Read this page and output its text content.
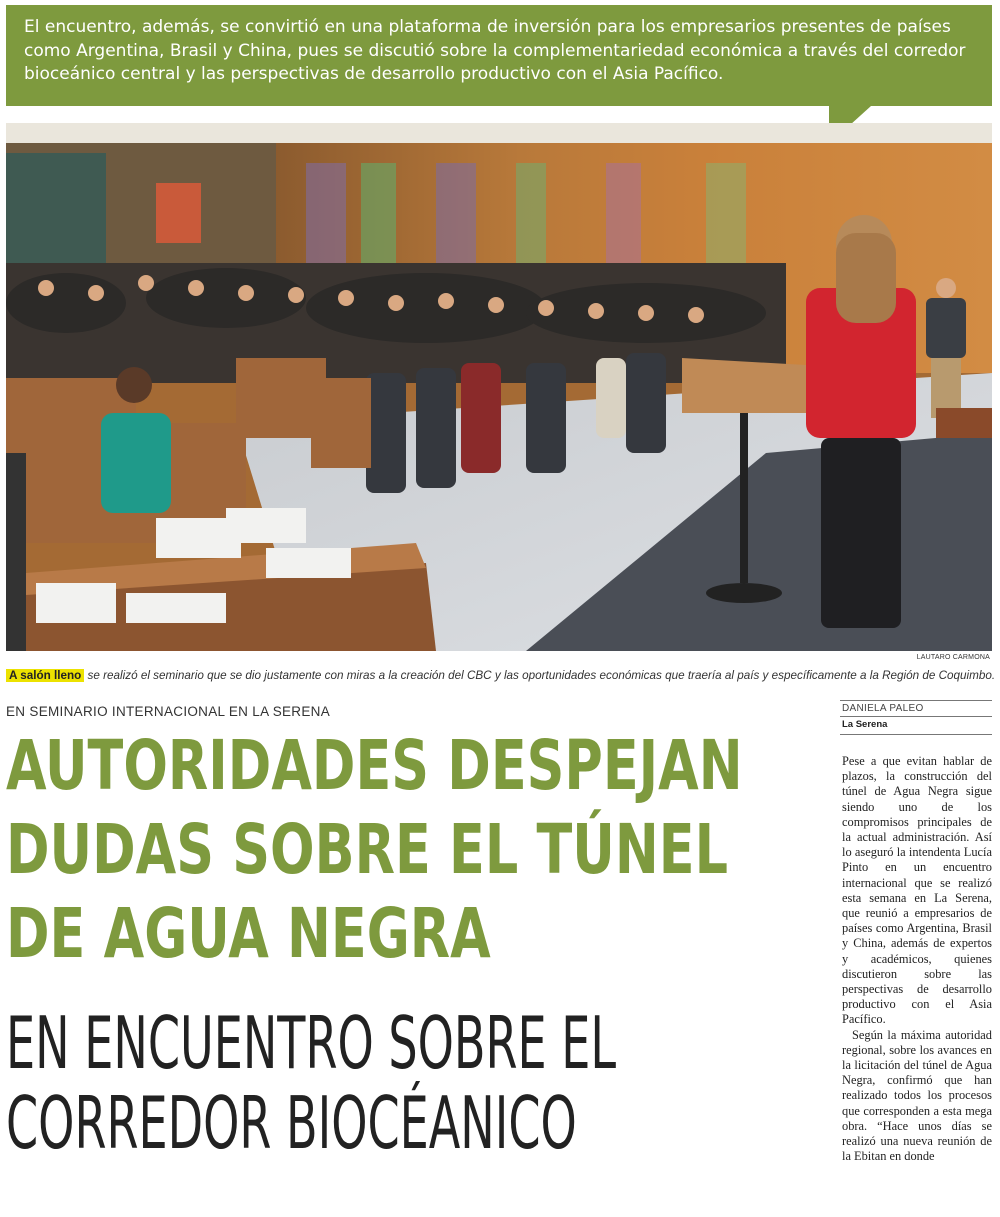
El encuentro, además, se convirtió en una plataforma de inversión para los empresarios presentes de países como Argentina, Brasil y China, pues se discutió sobre la complementariedad económica a través del corredor bioceánico central y las perspectivas de desarrollo productivo con el Asia Pacífico.
LAUTARO CARMONA
A salón lleno se realizó el seminario que se dio justamente con miras a la creación del CBC y las oportunidades económicas que traería al país y específicamente a la Región de Coquimbo.
EN SEMINARIO INTERNACIONAL EN LA SERENA
AUTORIDADES DESPEJAN
DUDAS SOBRE EL TÚNEL
DE AGUA NEGRA
EN ENCUENTRO SOBRE EL
CORREDOR BIOCÉANICO
DANIELA PALEO
La Serena

Pese a que evitan hablar de plazos, la construcción del túnel de Agua Negra sigue siendo uno de los compromisos principales de la actual administración. Así lo aseguró la intendenta Lucía Pinto en un encuentro internacional que se realizó esta semana en La Serena, que reunió a empresarios de países como Argentina, Brasil y China, además de expertos y académicos, quienes discutieron sobre las perspectivas de desarrollo productivo con el Asia Pacífico.

Según la máxima autoridad regional, sobre los avances en la licitación del túnel de Agua Negra, confirmó que han realizado todos los procesos que corresponden a esta mega obra. “Hace unos días se realizó una nueva reunión de la Ebitan en donde
